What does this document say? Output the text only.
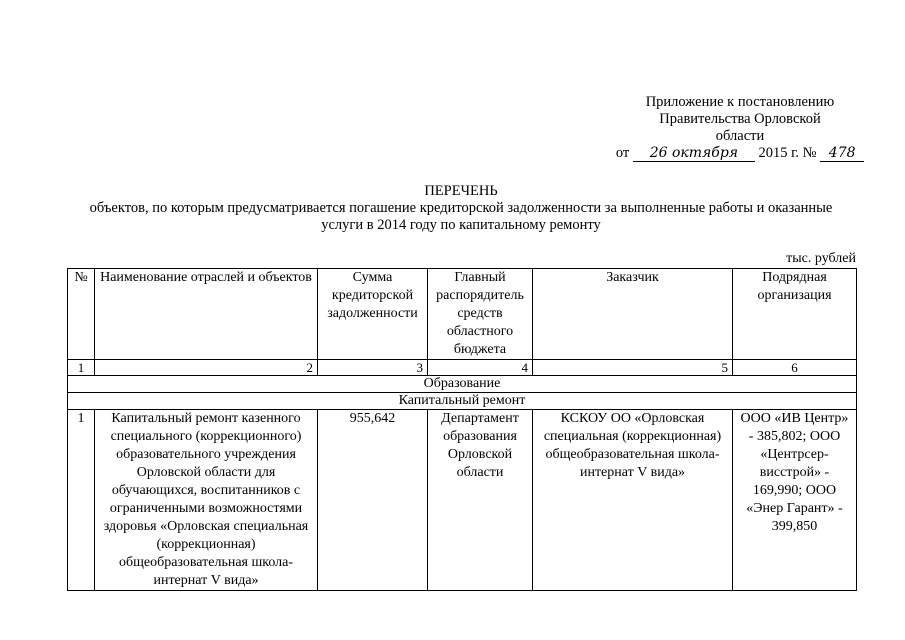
Приложение к постановлению
Правительства Орловской
области
от 26 октября 2015 г. № 478
ПЕРЕЧЕНЬ
объектов, по которым предусматривается погашение кредиторской задолженности за выполненные работы и оказанные
услуги в 2014 году по капитальному ремонту
тыс. рублей
№	Наименование отраслей и объектов	Сумма кредиторской задолженности	Главный распорядитель средств областного бюджета	Заказчик	Подрядная организация
1	2	3	4	5	6
Образование					
Капитальный ремонт					
1	Капитальный ремонт казенного специального (коррекционного) образовательного учреждения Орловской области для обучающихся, воспитанников с ограниченными возможностями здоровья «Орловская специальная (коррекционная) общеобразовательная школа-интернат V вида»	955,642	Департамент образования Орловской области	КСКОУ ОО «Орловская специальная (коррекционная) общеобразовательная школа-интернат V вида»	ООО «ИВ Центр» - 385,802; ООО «Центрсер-висстрой» - 169,990; ООО «Энер Гарант» - 399,850
